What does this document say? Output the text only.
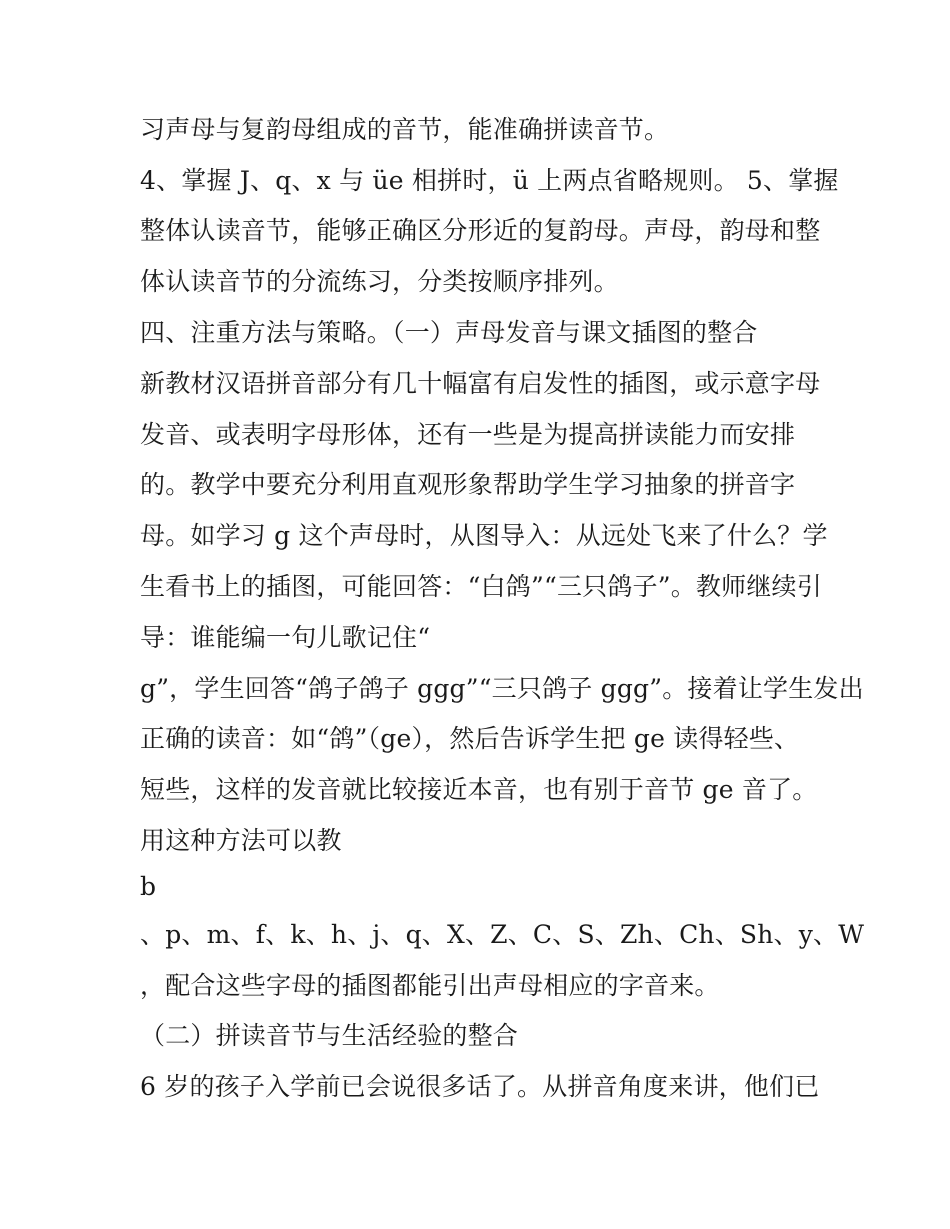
习声母与复韵母组成的音节，能准确拼读音节。
4、掌握 J、q、x 与 üe 相拼时，ü 上两点省略规则。 5、掌握
整体认读音节，能够正确区分形近的复韵母。声母，韵母和整
体认读音节的分流练习，分类按顺序排列。
四、注重方法与策略。（一）声母发音与课文插图的整合
新教材汉语拼音部分有几十幅富有启发性的插图，或示意字母
发音、或表明字母形体，还有一些是为提高拼读能力而安排
的。教学中要充分利用直观形象帮助学生学习抽象的拼音字
母。如学习 g 这个声母时，从图导入：从远处飞来了什么？学
生看书上的插图，可能回答：“白鸽”“三只鸽子”。教师继续引
导：谁能编一句儿歌记住“
g”，学生回答“鸽子鸽子 ggg”“三只鸽子 ggg”。接着让学生发出
正确的读音：如“鸽”（ge），然后告诉学生把 ge 读得轻些、
短些，这样的发音就比较接近本音，也有别于音节 ge 音了。
用这种方法可以教
b
、p、m、f、k、h、j、q、X、Z、C、S、Zh、Ch、Sh、y、W
，配合这些字母的插图都能引出声母相应的字音来。
（二）拼读音节与生活经验的整合
6 岁的孩子入学前已会说很多话了。从拼音角度来讲，他们已
